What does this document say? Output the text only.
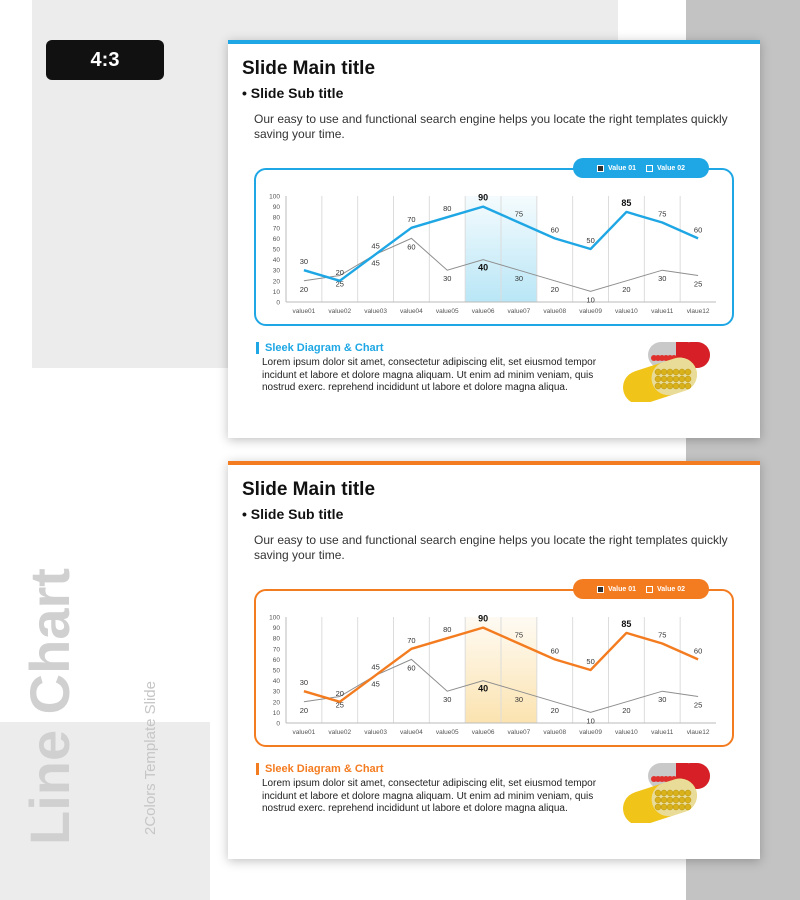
4:3
Line Chart	2Colors Template Slide
Slide Main title
• Slide Sub title
Our easy to use and functional search engine helps you locate the right templates quickly saving your time.
0
10
20
30
40
50
60
70
80
90
100
value01 value02 value03 value04 value05 value06 value07 value08 value09 value10 value11 vlaue12
30
20
45
70
80
90
75
60
50
85
75
60
20
25
45
60
30
40
30
20
10
20
30
25
Value 01	Value 02
Sleek Diagram & Chart
Lorem ipsum dolor sit amet, consectetur adipiscing elit, set eiusmod tempor incidunt et labore et dolore magna aliquam. Ut enim ad minim veniam, quis nostrud exerc. reprehend incididunt ut labore et dolore magna aliqua.
Slide Main title
• Slide Sub title
Our easy to use and functional search engine helps you locate the right templates quickly saving your time.
0
10
20
30
40
50
60
70
80
90
100
value01 value02 value03 value04 value05 value06 value07 value08 value09 value10 value11 vlaue12
30
20
45
70
80
90
75
60
50
85
75
60
20
25
45
60
30
40
30
20
10
20
30
25
Value 01	Value 02
Sleek Diagram & Chart
Lorem ipsum dolor sit amet, consectetur adipiscing elit, set eiusmod tempor incidunt et labore et dolore magna aliquam. Ut enim ad minim veniam, quis nostrud exerc. reprehend incididunt ut labore et dolore magna aliqua.
